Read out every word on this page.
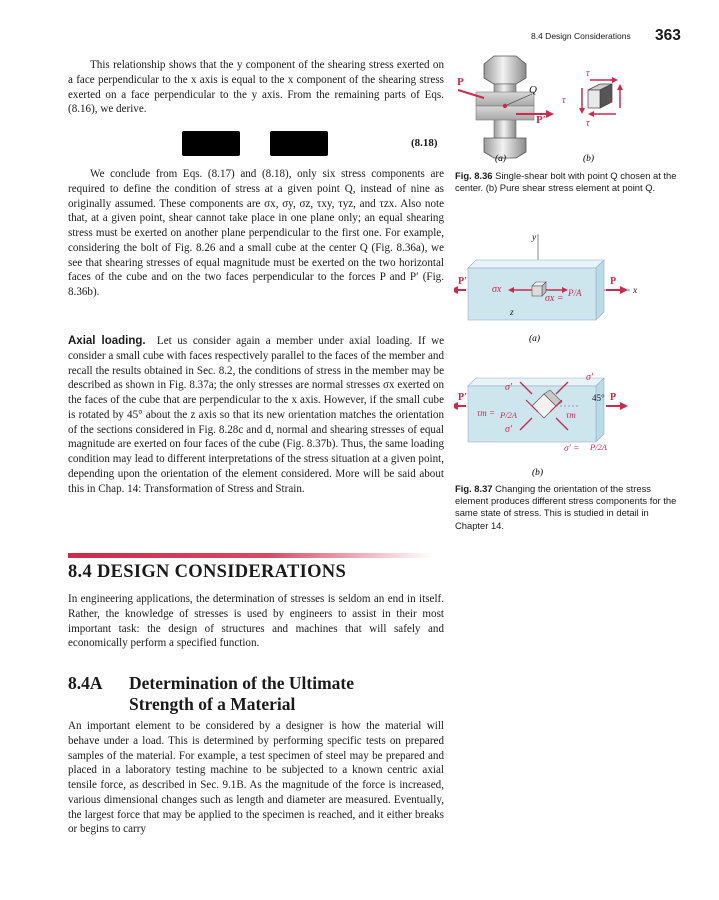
8.4 Design Considerations 363

This relationship shows that the y component of the shearing stress exerted on a face perpendicular to the x axis is equal to the x component of the shearing stress exerted on a face perpendicular to the y axis. From the remaining parts of Eqs. (8.16), we derive.

(8.18)

We conclude from Eqs. (8.17) and (8.18), only six stress components are required to define the condition of stress at a given point Q, instead of nine as originally assumed. These components are σx, σy, σz, τxy, τyz, and τzx. Also note that, at a given point, shear cannot take place in one plane only; an equal shearing stress must be exerted on another plane perpendicular to the first one. For example, considering the bolt of Fig. 8.26 and a small cube at the center Q (Fig. 8.36a), we see that shearing stresses of equal magnitude must be exerted on the two horizontal faces of the cube and on the two faces perpendicular to the forces P and P′ (Fig. 8.36b).

Axial loading. Let us consider again a member under axial loading. If we consider a small cube with faces respectively parallel to the faces of the member and recall the results obtained in Sec. 8.2, the conditions of stress in the member may be described as shown in Fig. 8.37a; the only stresses are normal stresses σx exerted on the faces of the cube that are perpendicular to the x axis. However, if the small cube is rotated by 45° about the z axis so that its new orientation matches the orientation of the sections considered in Fig. 8.28c and d, normal and shearing stresses of equal magnitude are exerted on four faces of the cube (Fig. 8.37b). Thus, the same loading condition may lead to different interpretations of the stress situation at a given point, depending upon the orientation of the element considered. More will be said about this in Chap. 14: Transformation of Stress and Strain.

8.4 DESIGN CONSIDERATIONS

In engineering applications, the determination of stresses is seldom an end in itself. Rather, the knowledge of stresses is used by engineers to assist in their most important task: the design of structures and machines that will safely and economically perform a specified function.

8.4A Determination of the Ultimate
Strength of a Material

An important element to be considered by a designer is how the material will behave under a load. This is determined by performing specific tests on prepared samples of the material. For example, a test specimen of steel may be prepared and placed in a laboratory testing machine to be subjected to a known centric axial tensile force, as described in Sec. 9.1B. As the magnitude of the force is increased, various dimensional changes such as length and diameter are measured. Eventually, the largest force that may be applied to the specimen is reached, and it either breaks or begins to carry

P
P′
Q
τ
τ	τ
τ
(a)	(b)

Fig. 8.36 Single-shear bolt with point Q chosen at the center. (b) Pure shear stress element at point Q.

y
x
z
P′	P
σx
σx = P/A
(a)
P′	P
σ′
σ′
σ′
45°
τm = P/2A	τm
σ′ = P/2A
(b)

Fig. 8.37 Changing the orientation of the stress element produces different stress components for the same state of stress. This is studied in detail in Chapter 14.
